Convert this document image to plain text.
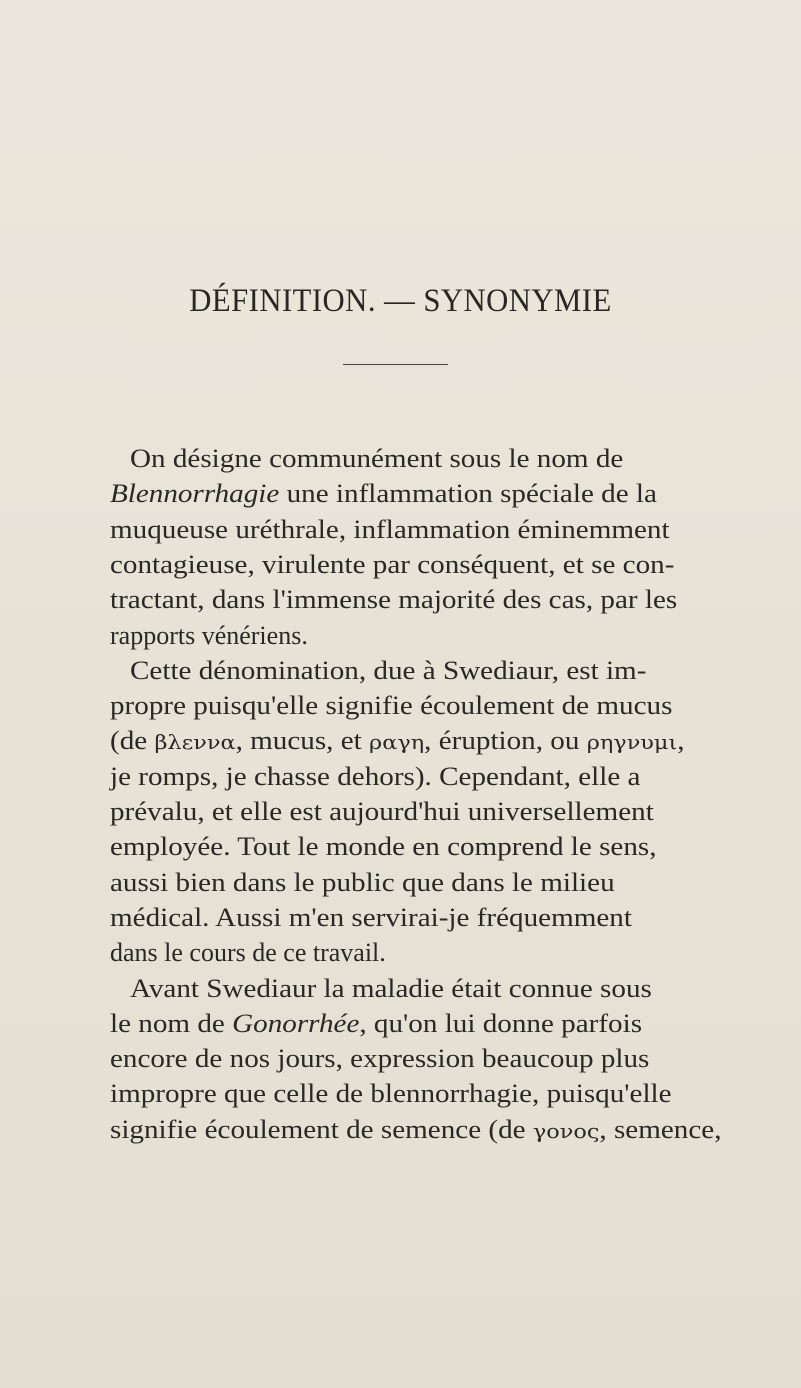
DÉFINITION. — SYNONYMIE
On désigne communément sous le nom de
Blennorrhagie une inflammation spéciale de la
muqueuse uréthrale, inflammation éminemment
contagieuse, virulente par conséquent, et se con-
tractant, dans l'immense majorité des cas, par les
rapports vénériens.
Cette dénomination, due à Swediaur, est im-
propre puisqu'elle signifie écoulement de mucus
(de βλεννα, mucus, et ραγη, éruption, ou ρηγνυμι,
je romps, je chasse dehors). Cependant, elle a
prévalu, et elle est aujourd'hui universellement
employée. Tout le monde en comprend le sens,
aussi bien dans le public que dans le milieu
médical. Aussi m'en servirai-je fréquemment
dans le cours de ce travail.
Avant Swediaur la maladie était connue sous
le nom de Gonorrhée, qu'on lui donne parfois
encore de nos jours, expression beaucoup plus
impropre que celle de blennorrhagie, puisqu'elle
signifie écoulement de semence (de γονος, semence,
